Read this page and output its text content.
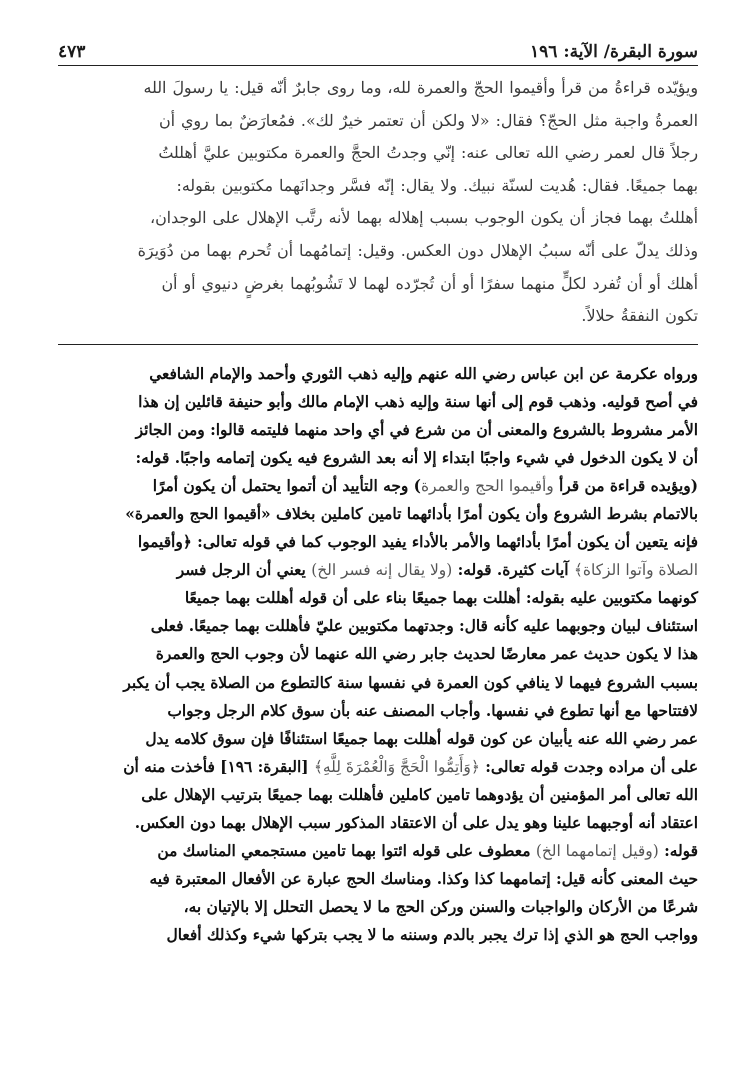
سورة البقرة/ الآية: ١٩٦
٤٧٣

ويؤيّده قراءةُ من قرأ وأقيموا الحجّ والعمرة لله، وما روى جابرٌ أنّه قيل: يا رسولَ الله

العمرةُ واجبة مثل الحجّ؟ فقال: «لا ولكن أن تعتمر خيرٌ لك». فمُعارَضٌ بما روي أن

رجلاً قال لعمر رضي الله تعالى عنه: إنّي وجدتُ الحجَّ والعمرة مكتوبين عليَّ أهللتُ

بهما جميعًا. فقال: هُديت لسنّة نبيك. ولا يقال: إنّه فسَّر وجدانَهما مكتوبين بقوله:

أهللتُ بهما فجاز أن يكون الوجوب بسبب إهلاله بهما لأنه رتَّب الإهلال على الوجدان،

وذلك يدلّ على أنّه سببُ الإهلال دون العكس. وقيل: إتمامُهما أن تُحرم بهما من دُوَيرَة

أهلك أو أن تُفرد لكلٍّ منهما سفرًا أو أن تُجرّده لهما لا تَشُوبُهما بغرضٍ دنيوي أو أن

تكون النفقةُ حلالاً.

ورواه عكرمة عن ابن عباس رضي الله عنهم وإليه ذهب الثوري وأحمد والإمام الشافعي

في أصح قوليه. وذهب قوم إلى أنها سنة وإليه ذهب الإمام مالك وأبو حنيفة قائلين إن هذا

الأمر مشروط بالشروع والمعنى أن من شرع في أي واحد منهما فليتمه قالوا: ومن الجائز

أن لا يكون الدخول في شيء واجبًا ابتداء إلا أنه بعد الشروع فيه يكون إتمامه واجبًا. قوله:

(ويؤيده قراءة من قرأ وأقيموا الحج والعمرة) وجه التأييد أن أتموا يحتمل أن يكون أمرًا

بالاتمام بشرط الشروع وأن يكون أمرًا بأدائهما تامين كاملين بخلاف «أقيموا الحج والعمرة»

فإنه يتعين أن يكون أمرًا بأدائهما والأمر بالأداء يفيد الوجوب كما في قوله تعالى: ﴿وأقيموا

الصلاة وآتوا الزكاة﴾ آيات كثيرة. قوله: (ولا يقال إنه فسر الخ) يعني أن الرجل فسر

كونهما مكتوبين عليه بقوله: أهللت بهما جميعًا بناء على أن قوله أهللت بهما جميعًا

استئناف لبيان وجوبهما عليه كأنه قال: وجدتهما مكتوبين عليّ فأهللت بهما جميعًا. فعلى

هذا لا يكون حديث عمر معارضًا لحديث جابر رضي الله عنهما لأن وجوب الحج والعمرة

بسبب الشروع فيهما لا ينافي كون العمرة في نفسها سنة كالتطوع من الصلاة يجب أن يكبر

لافتتاحها مع أنها تطوع في نفسها. وأجاب المصنف عنه بأن سوق كلام الرجل وجواب

عمر رضي الله عنه يأبيان عن كون قوله أهللت بهما جميعًا استئنافًا فإن سوق كلامه يدل

على أن مراده وجدت قوله تعالى: ﴿وَأَتِمُّوا الْحَجَّ وَالْعُمْرَةَ لِلَّهِ﴾ [البقرة: ١٩٦] فأخذت منه أن

الله تعالى أمر المؤمنين أن يؤدوهما تامين كاملين فأهللت بهما جميعًا بترتيب الإهلال على

اعتقاد أنه أوجبهما علينا وهو يدل على أن الاعتقاد المذكور سبب الإهلال بهما دون العكس.

قوله: (وقيل إتمامهما الخ) معطوف على قوله ائتوا بهما تامين مستجمعي المناسك من

حيث المعنى كأنه قيل: إتمامهما كذا وكذا. ومناسك الحج عبارة عن الأفعال المعتبرة فيه

شرعًا من الأركان والواجبات والسنن وركن الحج ما لا يحصل التحلل إلا بالإتيان به،

وواجب الحج هو الذي إذا ترك يجبر بالدم وسننه ما لا يجب بتركها شيء وكذلك أفعال
